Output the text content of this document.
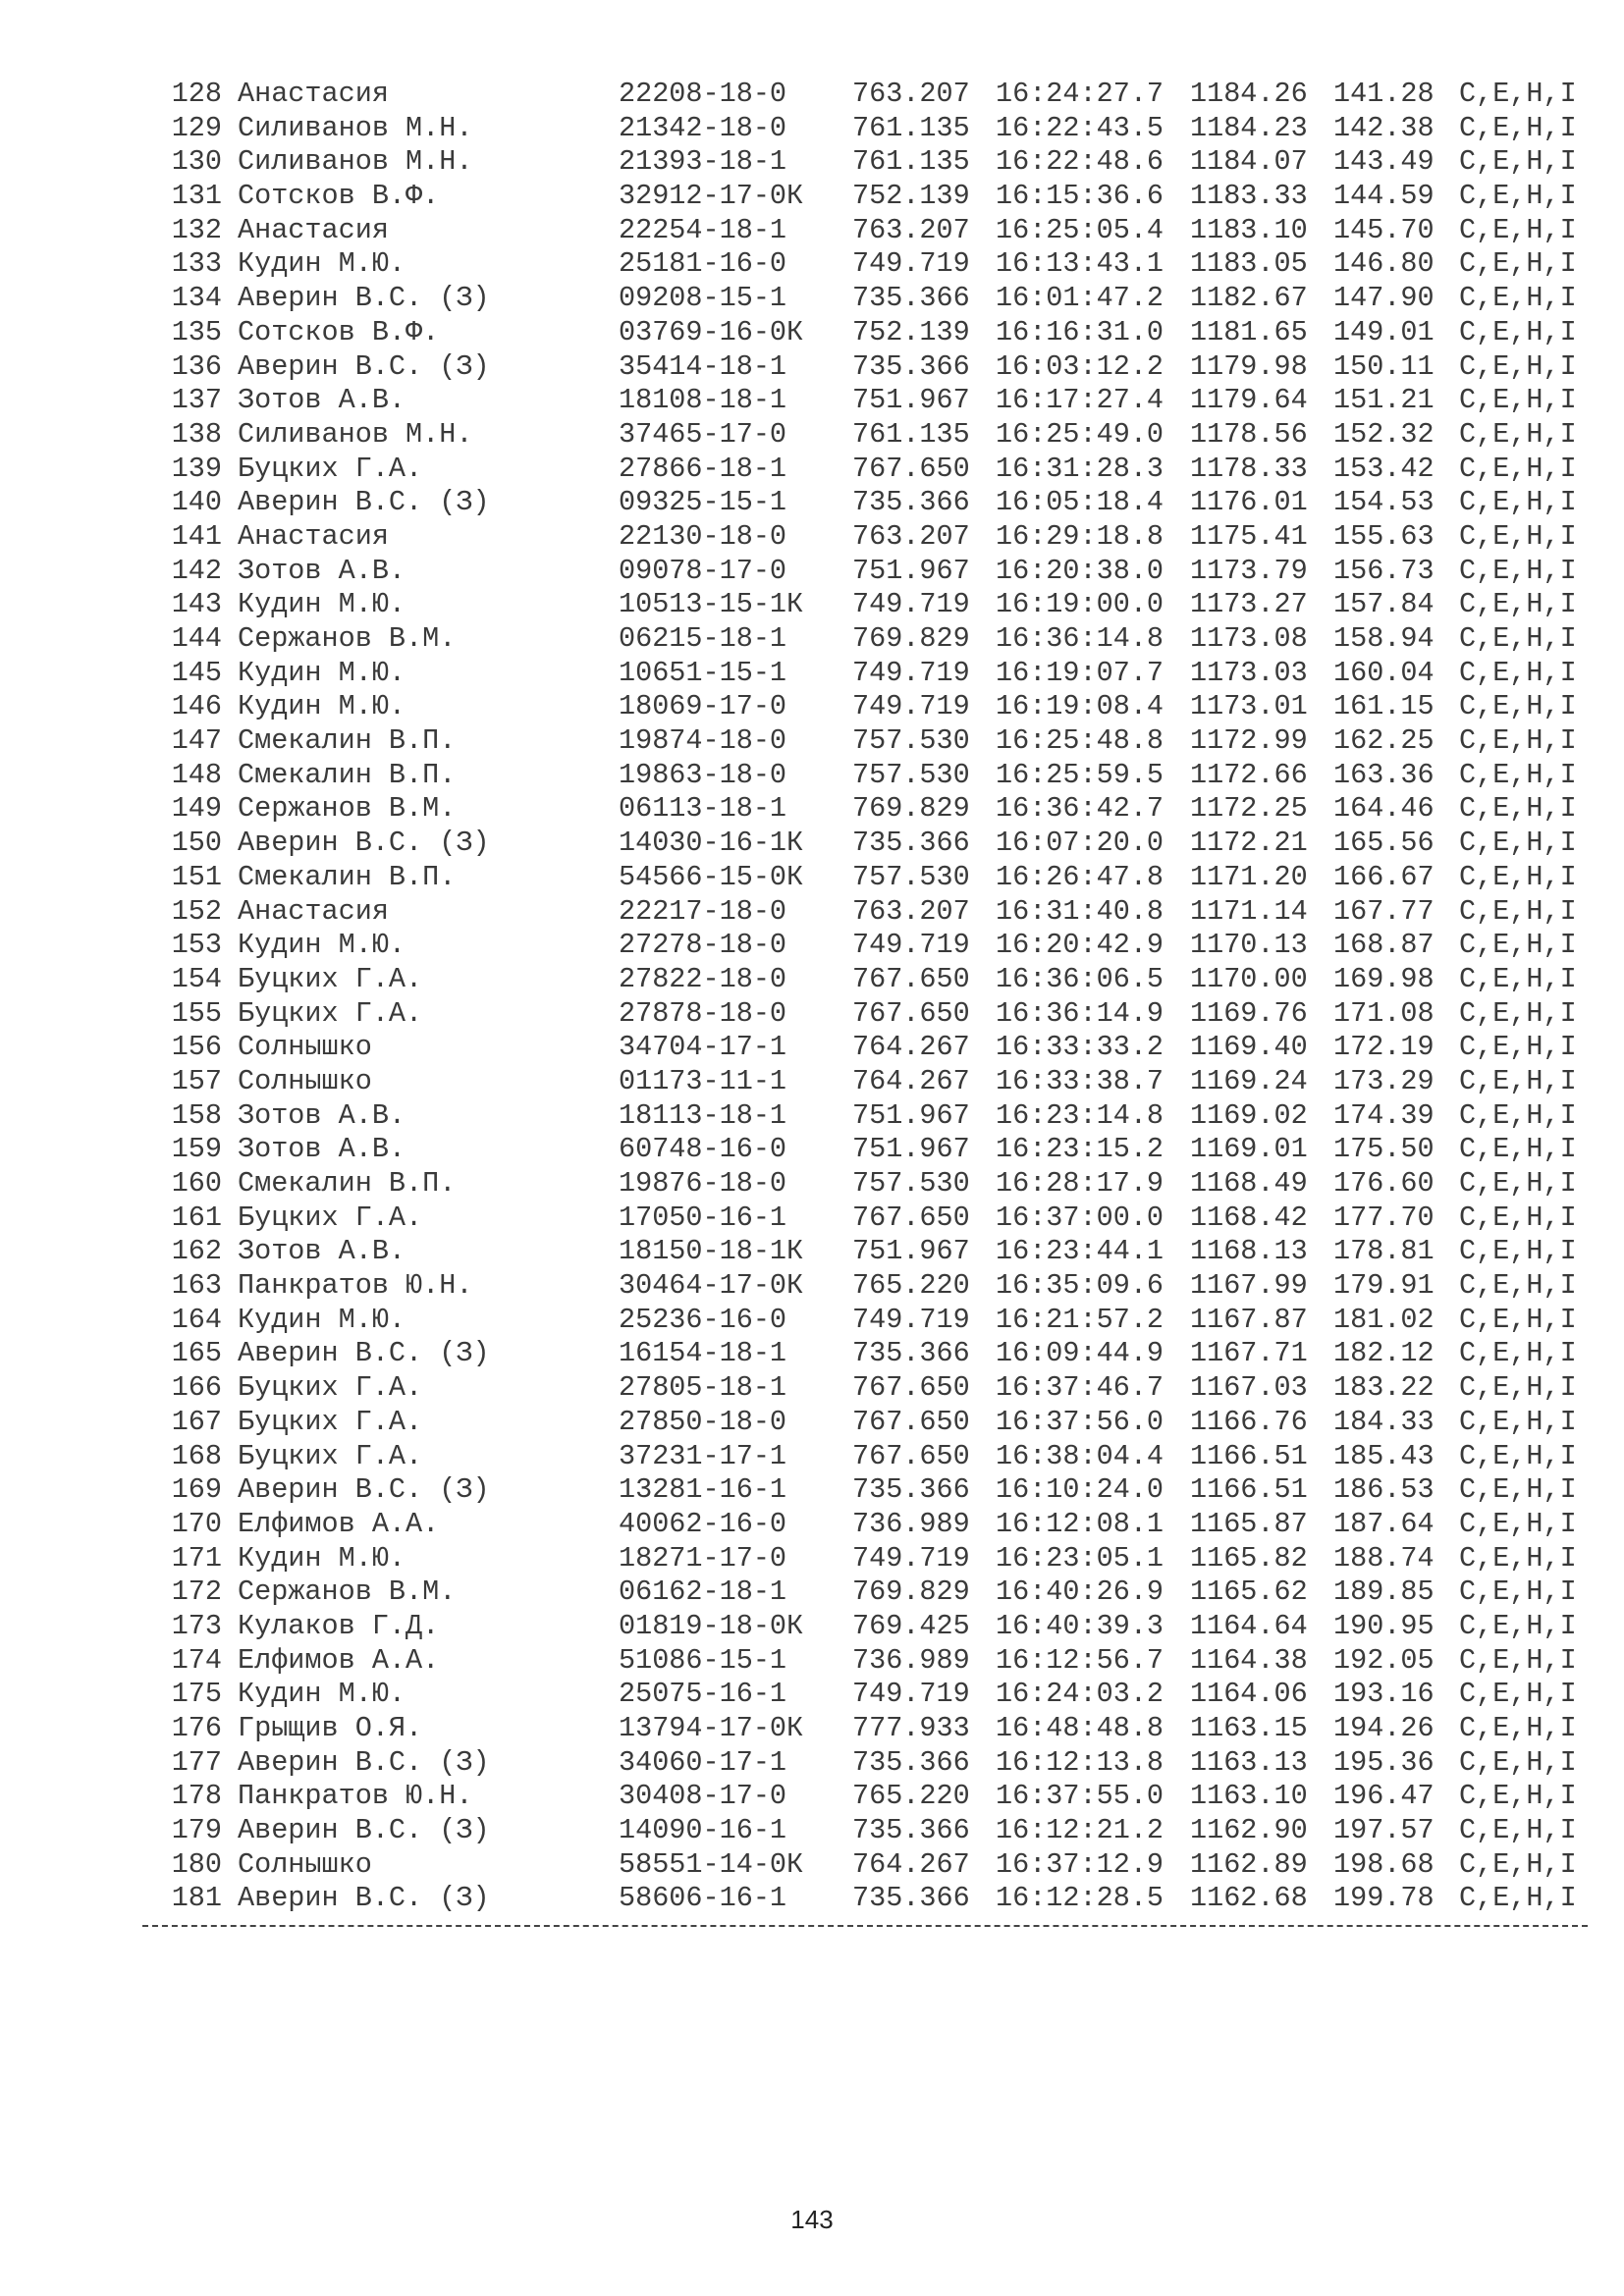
128 Анастасия	22208-18-0 763.207 16:24:27.7 1184.26 141.28 С,Е,Н,І
129 Силиванов М.Н.	21342-18-0 761.135 16:22:43.5 1184.23 142.38 С,Е,Н,І
130 Силиванов М.Н.	21393-18-1 761.135 16:22:48.6 1184.07 143.49 С,Е,Н,І
131 Сотсков В.Ф.	32912-17-0К 752.139 16:15:36.6 1183.33 144.59 С,Е,Н,І
132 Анастасия	22254-18-1 763.207 16:25:05.4 1183.10 145.70 С,Е,Н,І
133 Кудин М.Ю.	25181-16-0 749.719 16:13:43.1 1183.05 146.80 С,Е,Н,І
134 Аверин В.С. (З)	09208-15-1 735.366 16:01:47.2 1182.67 147.90 С,Е,Н,І
135 Сотсков В.Ф.	03769-16-0К 752.139 16:16:31.0 1181.65 149.01 С,Е,Н,І
136 Аверин В.С. (З)	35414-18-1 735.366 16:03:12.2 1179.98 150.11 С,Е,Н,І
137 Зотов А.В.	18108-18-1 751.967 16:17:27.4 1179.64 151.21 С,Е,Н,І
138 Силиванов М.Н.	37465-17-0 761.135 16:25:49.0 1178.56 152.32 С,Е,Н,І
139 Буцких Г.А.	27866-18-1 767.650 16:31:28.3 1178.33 153.42 С,Е,Н,І
140 Аверин В.С. (З)	09325-15-1 735.366 16:05:18.4 1176.01 154.53 С,Е,Н,І
141 Анастасия	22130-18-0 763.207 16:29:18.8 1175.41 155.63 С,Е,Н,І
142 Зотов А.В.	09078-17-0 751.967 16:20:38.0 1173.79 156.73 С,Е,Н,І
143 Кудин М.Ю.	10513-15-1К 749.719 16:19:00.0 1173.27 157.84 С,Е,Н,І
144 Сержанов В.М.	06215-18-1 769.829 16:36:14.8 1173.08 158.94 С,Е,Н,І
145 Кудин М.Ю.	10651-15-1 749.719 16:19:07.7 1173.03 160.04 С,Е,Н,І
146 Кудин М.Ю.	18069-17-0 749.719 16:19:08.4 1173.01 161.15 С,Е,Н,І
147 Смекалин В.П.	19874-18-0 757.530 16:25:48.8 1172.99 162.25 С,Е,Н,І
148 Смекалин В.П.	19863-18-0 757.530 16:25:59.5 1172.66 163.36 С,Е,Н,І
149 Сержанов В.М.	06113-18-1 769.829 16:36:42.7 1172.25 164.46 С,Е,Н,І
150 Аверин В.С. (З)	14030-16-1К 735.366 16:07:20.0 1172.21 165.56 С,Е,Н,І
151 Смекалин В.П.	54566-15-0К 757.530 16:26:47.8 1171.20 166.67 С,Е,Н,І
152 Анастасия	22217-18-0 763.207 16:31:40.8 1171.14 167.77 С,Е,Н,І
153 Кудин М.Ю.	27278-18-0 749.719 16:20:42.9 1170.13 168.87 С,Е,Н,І
154 Буцких Г.А.	27822-18-0 767.650 16:36:06.5 1170.00 169.98 С,Е,Н,І
155 Буцких Г.А.	27878-18-0 767.650 16:36:14.9 1169.76 171.08 С,Е,Н,І
156 Солнышко	34704-17-1 764.267 16:33:33.2 1169.40 172.19 С,Е,Н,І
157 Солнышко	01173-11-1 764.267 16:33:38.7 1169.24 173.29 С,Е,Н,І
158 Зотов А.В.	18113-18-1 751.967 16:23:14.8 1169.02 174.39 С,Е,Н,І
159 Зотов А.В.	60748-16-0 751.967 16:23:15.2 1169.01 175.50 С,Е,Н,І
160 Смекалин В.П.	19876-18-0 757.530 16:28:17.9 1168.49 176.60 С,Е,Н,І
161 Буцких Г.А.	17050-16-1 767.650 16:37:00.0 1168.42 177.70 С,Е,Н,І
162 Зотов А.В.	18150-18-1К 751.967 16:23:44.1 1168.13 178.81 С,Е,Н,І
163 Панкратов Ю.Н.	30464-17-0К 765.220 16:35:09.6 1167.99 179.91 С,Е,Н,І
164 Кудин М.Ю.	25236-16-0 749.719 16:21:57.2 1167.87 181.02 С,Е,Н,І
165 Аверин В.С. (З)	16154-18-1 735.366 16:09:44.9 1167.71 182.12 С,Е,Н,І
166 Буцких Г.А.	27805-18-1 767.650 16:37:46.7 1167.03 183.22 С,Е,Н,І
167 Буцких Г.А.	27850-18-0 767.650 16:37:56.0 1166.76 184.33 С,Е,Н,І
168 Буцких Г.А.	37231-17-1 767.650 16:38:04.4 1166.51 185.43 С,Е,Н,І
169 Аверин В.С. (З)	13281-16-1 735.366 16:10:24.0 1166.51 186.53 С,Е,Н,І
170 Елфимов А.А.	40062-16-0 736.989 16:12:08.1 1165.87 187.64 С,Е,Н,І
171 Кудин М.Ю.	18271-17-0 749.719 16:23:05.1 1165.82 188.74 С,Е,Н,І
172 Сержанов В.М.	06162-18-1 769.829 16:40:26.9 1165.62 189.85 С,Е,Н,І
173 Кулаков Г.Д.	01819-18-0К 769.425 16:40:39.3 1164.64 190.95 С,Е,Н,І
174 Елфимов А.А.	51086-15-1 736.989 16:12:56.7 1164.38 192.05 С,Е,Н,І
175 Кудин М.Ю.	25075-16-1 749.719 16:24:03.2 1164.06 193.16 С,Е,Н,І
176 Грыщив О.Я.	13794-17-0К 777.933 16:48:48.8 1163.15 194.26 С,Е,Н,І
177 Аверин В.С. (З)	34060-17-1 735.366 16:12:13.8 1163.13 195.36 С,Е,Н,І
178 Панкратов Ю.Н.	30408-17-0 765.220 16:37:55.0 1163.10 196.47 С,Е,Н,І
179 Аверин В.С. (З)	14090-16-1 735.366 16:12:21.2 1162.90 197.57 С,Е,Н,І
180 Солнышко	58551-14-0К 764.267 16:37:12.9 1162.89 198.68 С,Е,Н,І
181 Аверин В.С. (З)	58606-16-1 735.366 16:12:28.5 1162.68 199.78 С,Е,Н,І
143
